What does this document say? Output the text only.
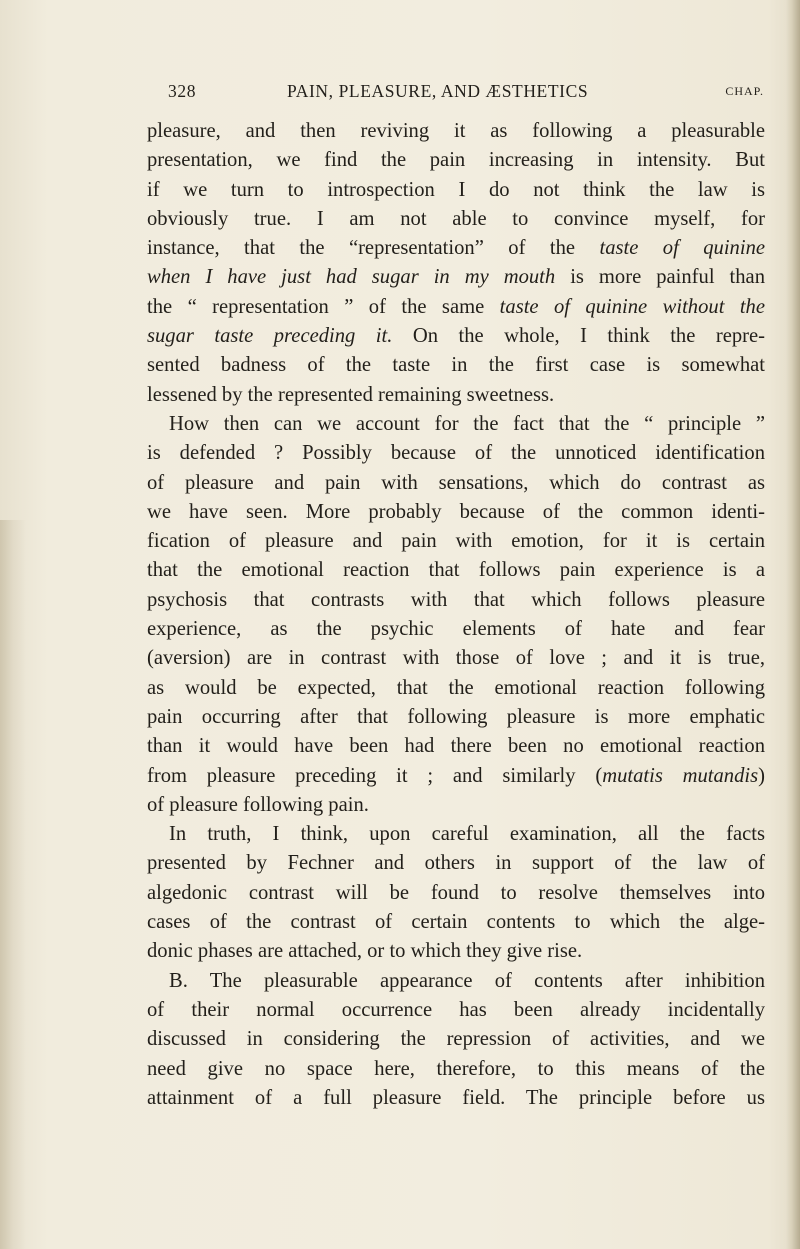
328	PAIN, PLEASURE, AND ÆSTHETICS	CHAP.
pleasure, and then reviving it as following a pleasurable
presentation, we find the pain increasing in intensity. But
if we turn to introspection I do not think the law is
obviously true. I am not able to convince myself, for
instance, that the “representation” of the taste of quinine
when I have just had sugar in my mouth is more painful than
the “ representation ” of the same taste of quinine without the
sugar taste preceding it. On the whole, I think the repre-
sented badness of the taste in the first case is somewhat
lessened by the represented remaining sweetness.
How then can we account for the fact that the “ principle ”
is defended ? Possibly because of the unnoticed identification
of pleasure and pain with sensations, which do contrast as
we have seen. More probably because of the common identi-
fication of pleasure and pain with emotion, for it is certain
that the emotional reaction that follows pain experience is a
psychosis that contrasts with that which follows pleasure
experience, as the psychic elements of hate and fear
(aversion) are in contrast with those of love ; and it is true,
as would be expected, that the emotional reaction following
pain occurring after that following pleasure is more emphatic
than it would have been had there been no emotional reaction
from pleasure preceding it ; and similarly (mutatis mutandis)
of pleasure following pain.
In truth, I think, upon careful examination, all the facts
presented by Fechner and others in support of the law of
algedonic contrast will be found to resolve themselves into
cases of the contrast of certain contents to which the alge-
donic phases are attached, or to which they give rise.
B. The pleasurable appearance of contents after inhibition
of their normal occurrence has been already incidentally
discussed in considering the repression of activities, and we
need give no space here, therefore, to this means of the
attainment of a full pleasure field. The principle before us
